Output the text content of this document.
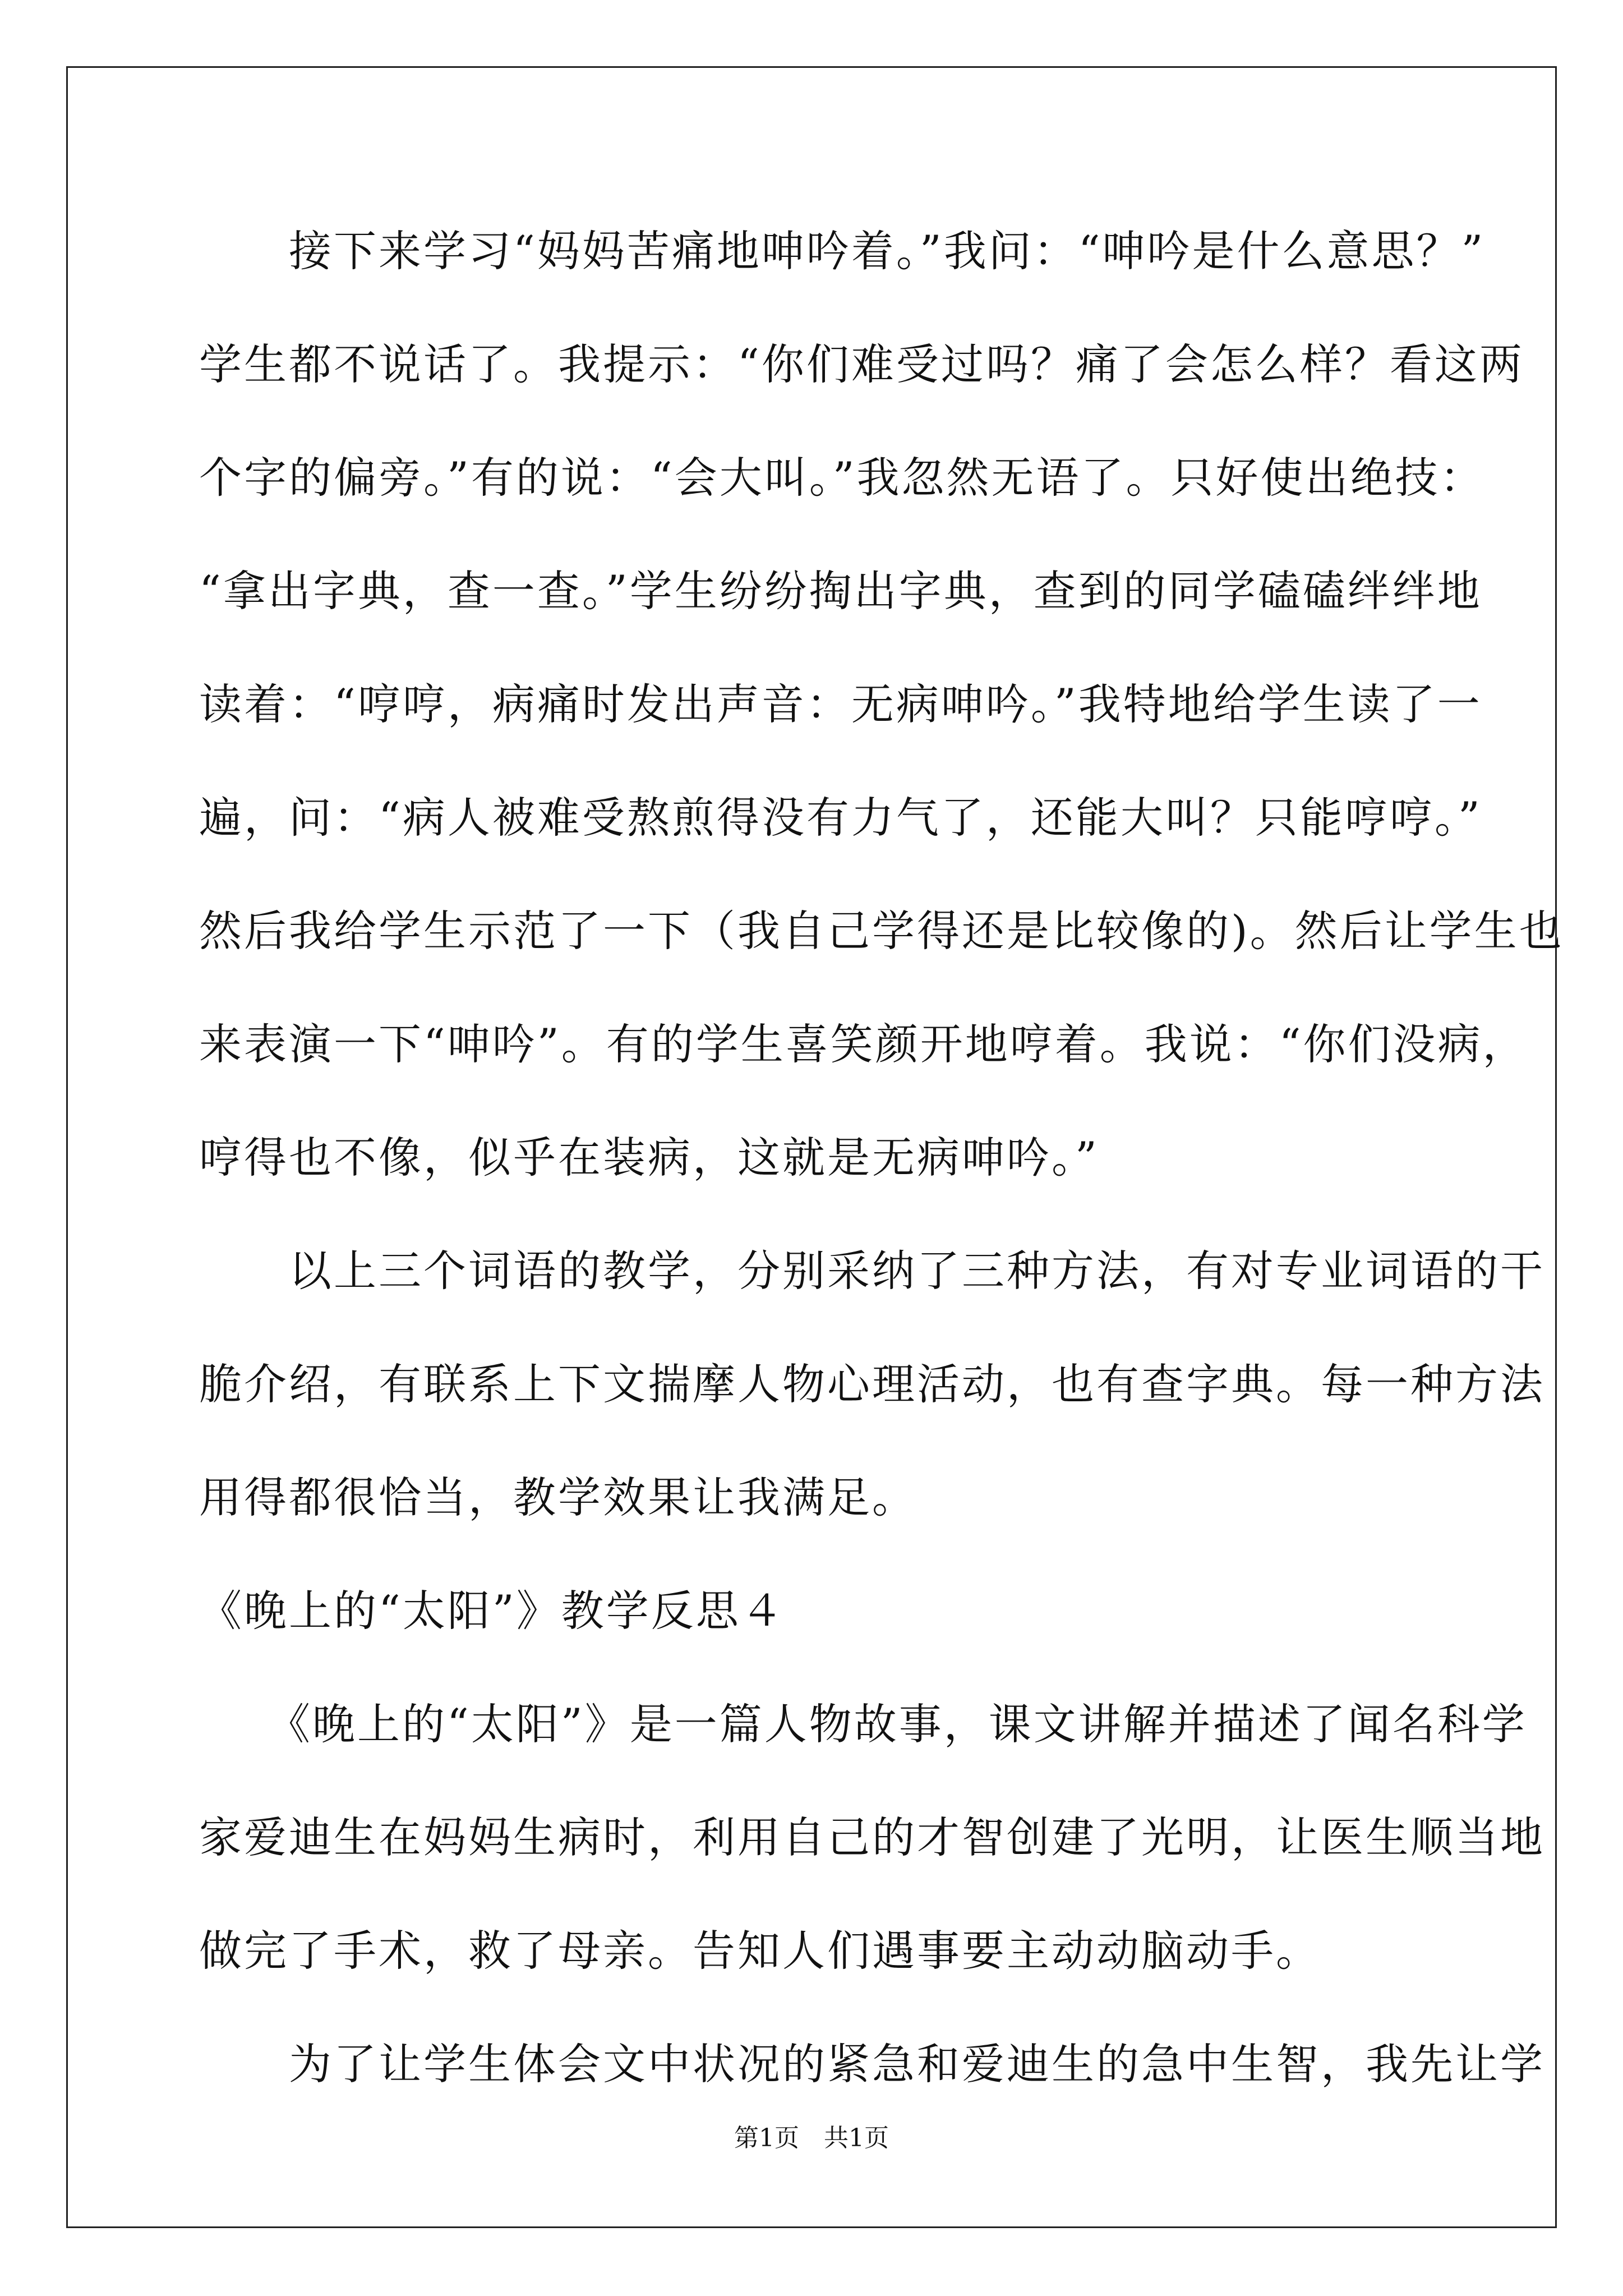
　　接下来学习“妈妈苦痛地呻吟着。”我问：“呻吟是什么意思？”
学生都不说话了。我提示：“你们难受过吗？痛了会怎么样？看这两
个字的偏旁。”有的说：“会大叫。”我忽然无语了。只好使出绝技：
“拿出字典，查一查。”学生纷纷掏出字典，查到的同学磕磕绊绊地
读着：“哼哼，病痛时发出声音：无病呻吟。”我特地给学生读了一
遍，问：“病人被难受熬煎得没有力气了，还能大叫？只能哼哼。”
然后我给学生示范了一下（我自己学得还是比较像的)。然后让学生也
来表演一下“呻吟”。有的学生喜笑颜开地哼着。我说：“你们没病，
哼得也不像，似乎在装病，这就是无病呻吟。”
　　以上三个词语的教学，分别采纳了三种方法，有对专业词语的干
脆介绍，有联系上下文揣摩人物心理活动，也有查字典。每一种方法
用得都很恰当，教学效果让我满足。
《晚上的“太阳”》教学反思４
　　《晚上的“太阳”》是一篇人物故事，课文讲解并描述了闻名科学
家爱迪生在妈妈生病时，利用自己的才智创建了光明，让医生顺当地
做完了手术，救了母亲。告知人们遇事要主动动脑动手。
　　为了让学生体会文中状况的紧急和爱迪生的急中生智，我先让学
第1页　共1页
